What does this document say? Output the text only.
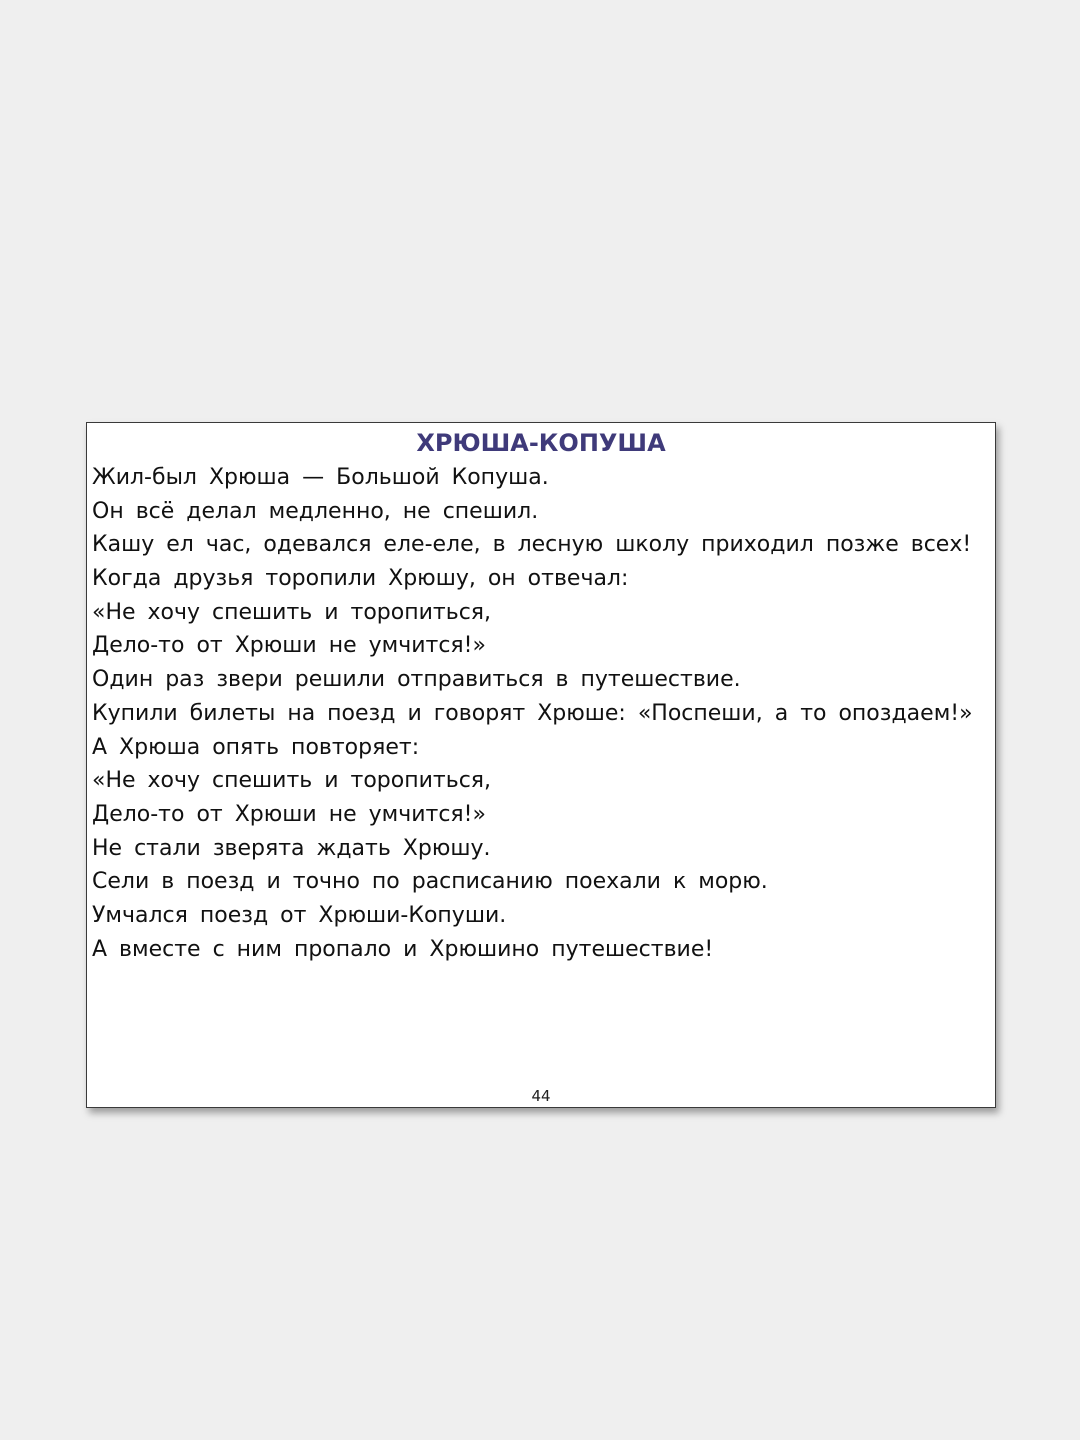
ХРЮША-КОПУША
Жил-был Хрюша — Большой Копуша.
Он всё делал медленно, не спешил.
Кашу ел час, одевался еле-еле, в лесную школу приходил позже всех!
Когда друзья торопили Хрюшу, он отвечал:
«Не хочу спешить и торопиться,
Дело-то от Хрюши не умчится!»
Один раз звери решили отправиться в путешествие.
Купили билеты на поезд и говорят Хрюше: «Поспеши, а то опоздаем!»
А Хрюша опять повторяет:
«Не хочу спешить и торопиться,
Дело-то от Хрюши не умчится!»
Не стали зверята ждать Хрюшу.
Сели в поезд и точно по расписанию поехали к морю.
Умчался поезд от Хрюши-Копуши.
А вместе с ним пропало и Хрюшино путешествие!
44
